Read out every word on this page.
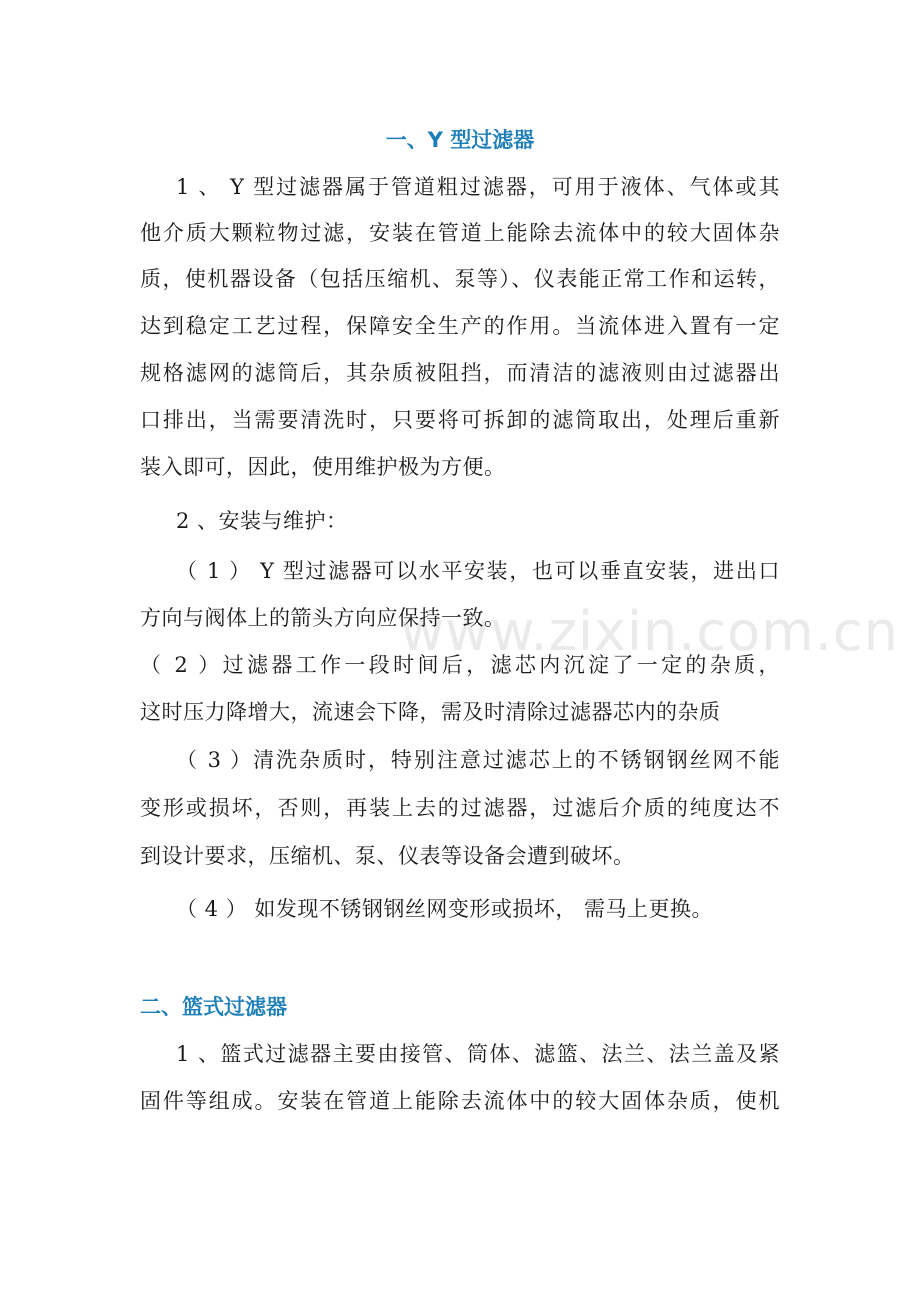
www.zixin.com.cn
一、Y 型过滤器
1 、 Y 型过滤器属于管道粗过滤器，可用于液体、气体或其
他介质大颗粒物过滤，安装在管道上能除去流体中的较大固体杂
质，使机器设备（包括压缩机、泵等）、仪表能正常工作和运转，
达到稳定工艺过程，保障安全生产的作用。当流体进入置有一定
规格滤网的滤筒后，其杂质被阻挡，而清洁的滤液则由过滤器出
口排出，当需要清洗时，只要将可拆卸的滤筒取出，处理后重新
装入即可，因此，使用维护极为方便。
2 、安装与维护：
（ 1 ） Y 型过滤器可以水平安装，也可以垂直安装，进出口
方向与阀体上的箭头方向应保持一致。
（ 2 ）过滤器工作一段时间后，滤芯内沉淀了一定的杂质，
这时压力降增大，流速会下降，需及时清除过滤器芯内的杂质
（ 3 ）清洗杂质时，特别注意过滤芯上的不锈钢钢丝网不能
变形或损坏，否则，再装上去的过滤器，过滤后介质的纯度达不
到设计要求，压缩机、泵、仪表等设备会遭到破坏。
（ 4 ） 如发现不锈钢钢丝网变形或损坏， 需马上更换。
二、篮式过滤器
1 、篮式过滤器主要由接管、筒体、滤篮、法兰、法兰盖及紧
固件等组成。安装在管道上能除去流体中的较大固体杂质，使机
